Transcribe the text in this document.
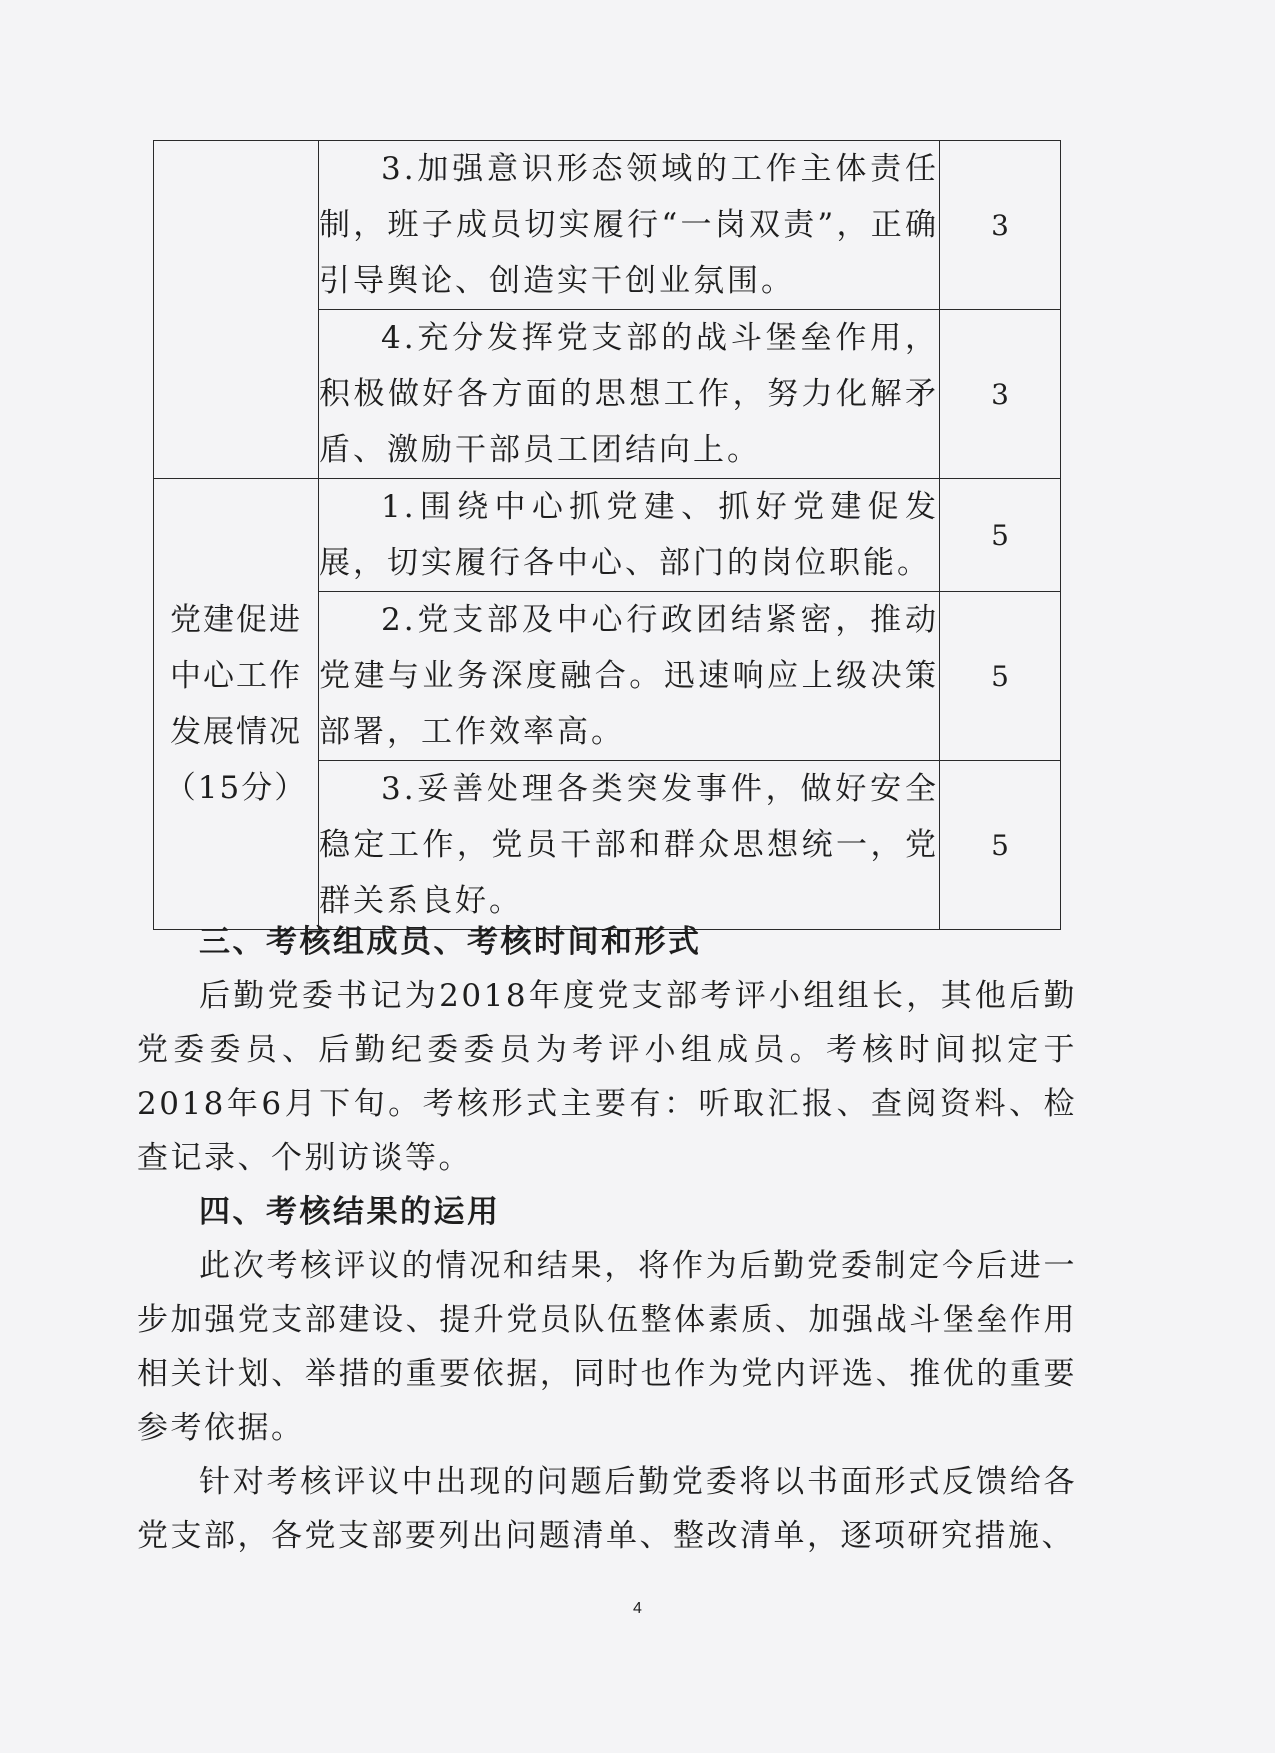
	3.加强意识形态领域的工作主体责任制，班子成员切实履行“一岗双责”，正确引导舆论、创造实干创业氛围。	3

	4.充分发挥党支部的战斗堡垒作用，积极做好各方面的思想工作，努力化解矛盾、激励干部员工团结向上。	3

党建促进
中心工作
发展情况
（15分）	1.围绕中心抓党建、抓好党建促发展，切实履行各中心、部门的岗位职能。	5

	2.党支部及中心行政团结紧密，推动党建与业务深度融合。迅速响应上级决策部署，工作效率高。	5

	3.妥善处理各类突发事件，做好安全稳定工作，党员干部和群众思想统一，党群关系良好。	5

三、考核组成员、考核时间和形式

后勤党委书记为2018年度党支部考评小组组长，其他后勤党委委员、后勤纪委委员为考评小组成员。考核时间拟定于2018年6月下旬。考核形式主要有：听取汇报、查阅资料、检查记录、个别访谈等。

四、考核结果的运用

此次考核评议的情况和结果，将作为后勤党委制定今后进一步加强党支部建设、提升党员队伍整体素质、加强战斗堡垒作用相关计划、举措的重要依据，同时也作为党内评选、推优的重要参考依据。

针对考核评议中出现的问题后勤党委将以书面形式反馈给各党支部，各党支部要列出问题清单、整改清单，逐项研究措施、

4
